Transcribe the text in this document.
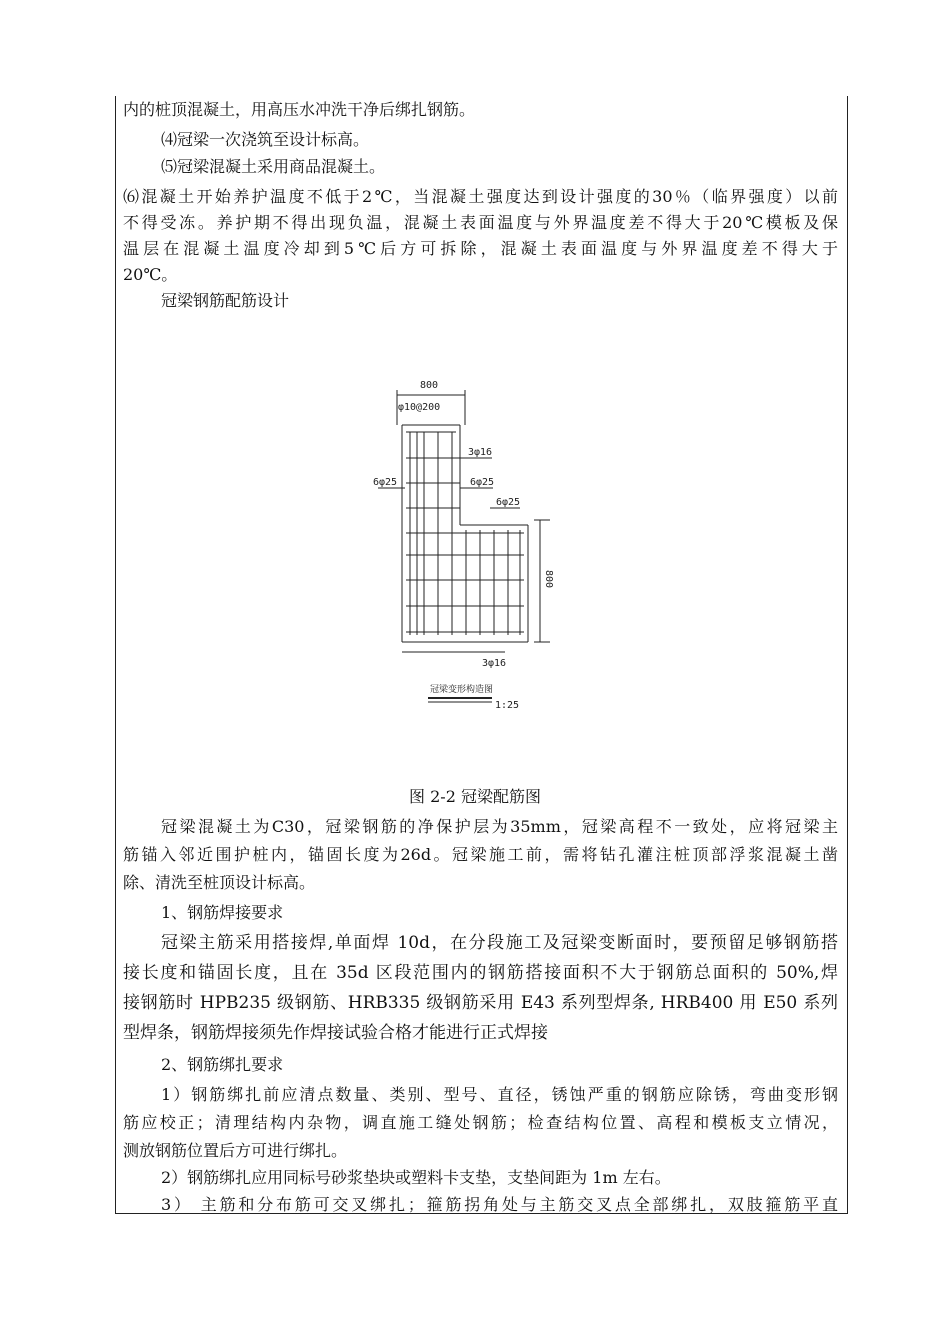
内的桩顶混凝土，用高压水冲洗干净后绑扎钢筋。
⑷冠梁一次浇筑至设计标高。
⑸冠梁混凝土采用商品混凝土。
⑹混凝土开始养护温度不低于2℃，当混凝土强度达到设计强度的30％（临界强度）以前
不得受冻。养护期不得出现负温，混凝土表面温度与外界温度差不得大于20℃模板及保
温层在混凝土温度冷却到5℃后方可拆除，混凝土表面温度与外界温度差不得大于
20℃。
冠梁钢筋配筋设计
800
φ10@200
3φ16
6φ25	6φ25
6φ25
800
3φ16
冠梁变形构造图
1:25
图 2-2 冠梁配筋图
冠梁混凝土为C30，冠梁钢筋的净保护层为35mm，冠梁高程不一致处，应将冠梁主
筋锚入邻近围护桩内，锚固长度为26d。冠梁施工前，需将钻孔灌注桩顶部浮浆混凝土凿
除、清洗至桩顶设计标高。
1、钢筋焊接要求
冠梁主筋采用搭接焊,单面焊 10d，在分段施工及冠梁变断面时，要预留足够钢筋搭
接长度和锚固长度，且在 35d 区段范围内的钢筋搭接面积不大于钢筋总面积的 50%,焊
接钢筋时 HPB235 级钢筋、HRB335 级钢筋采用 E43 系列型焊条, HRB400 用 E50 系列
型焊条，钢筋焊接须先作焊接试验合格才能进行正式焊接
2、钢筋绑扎要求
1）钢筋绑扎前应清点数量、类别、型号、直径，锈蚀严重的钢筋应除锈，弯曲变形钢
筋应校正；清理结构内杂物，调直施工缝处钢筋；检查结构位置、高程和模板支立情况，
测放钢筋位置后方可进行绑扎。
2）钢筋绑扎应用同标号砂浆垫块或塑料卡支垫，支垫间距为 1m 左右。
3） 主筋和分布筋可交叉绑扎；箍筋拐角处与主筋交叉点全部绑扎，双肢箍筋平直
